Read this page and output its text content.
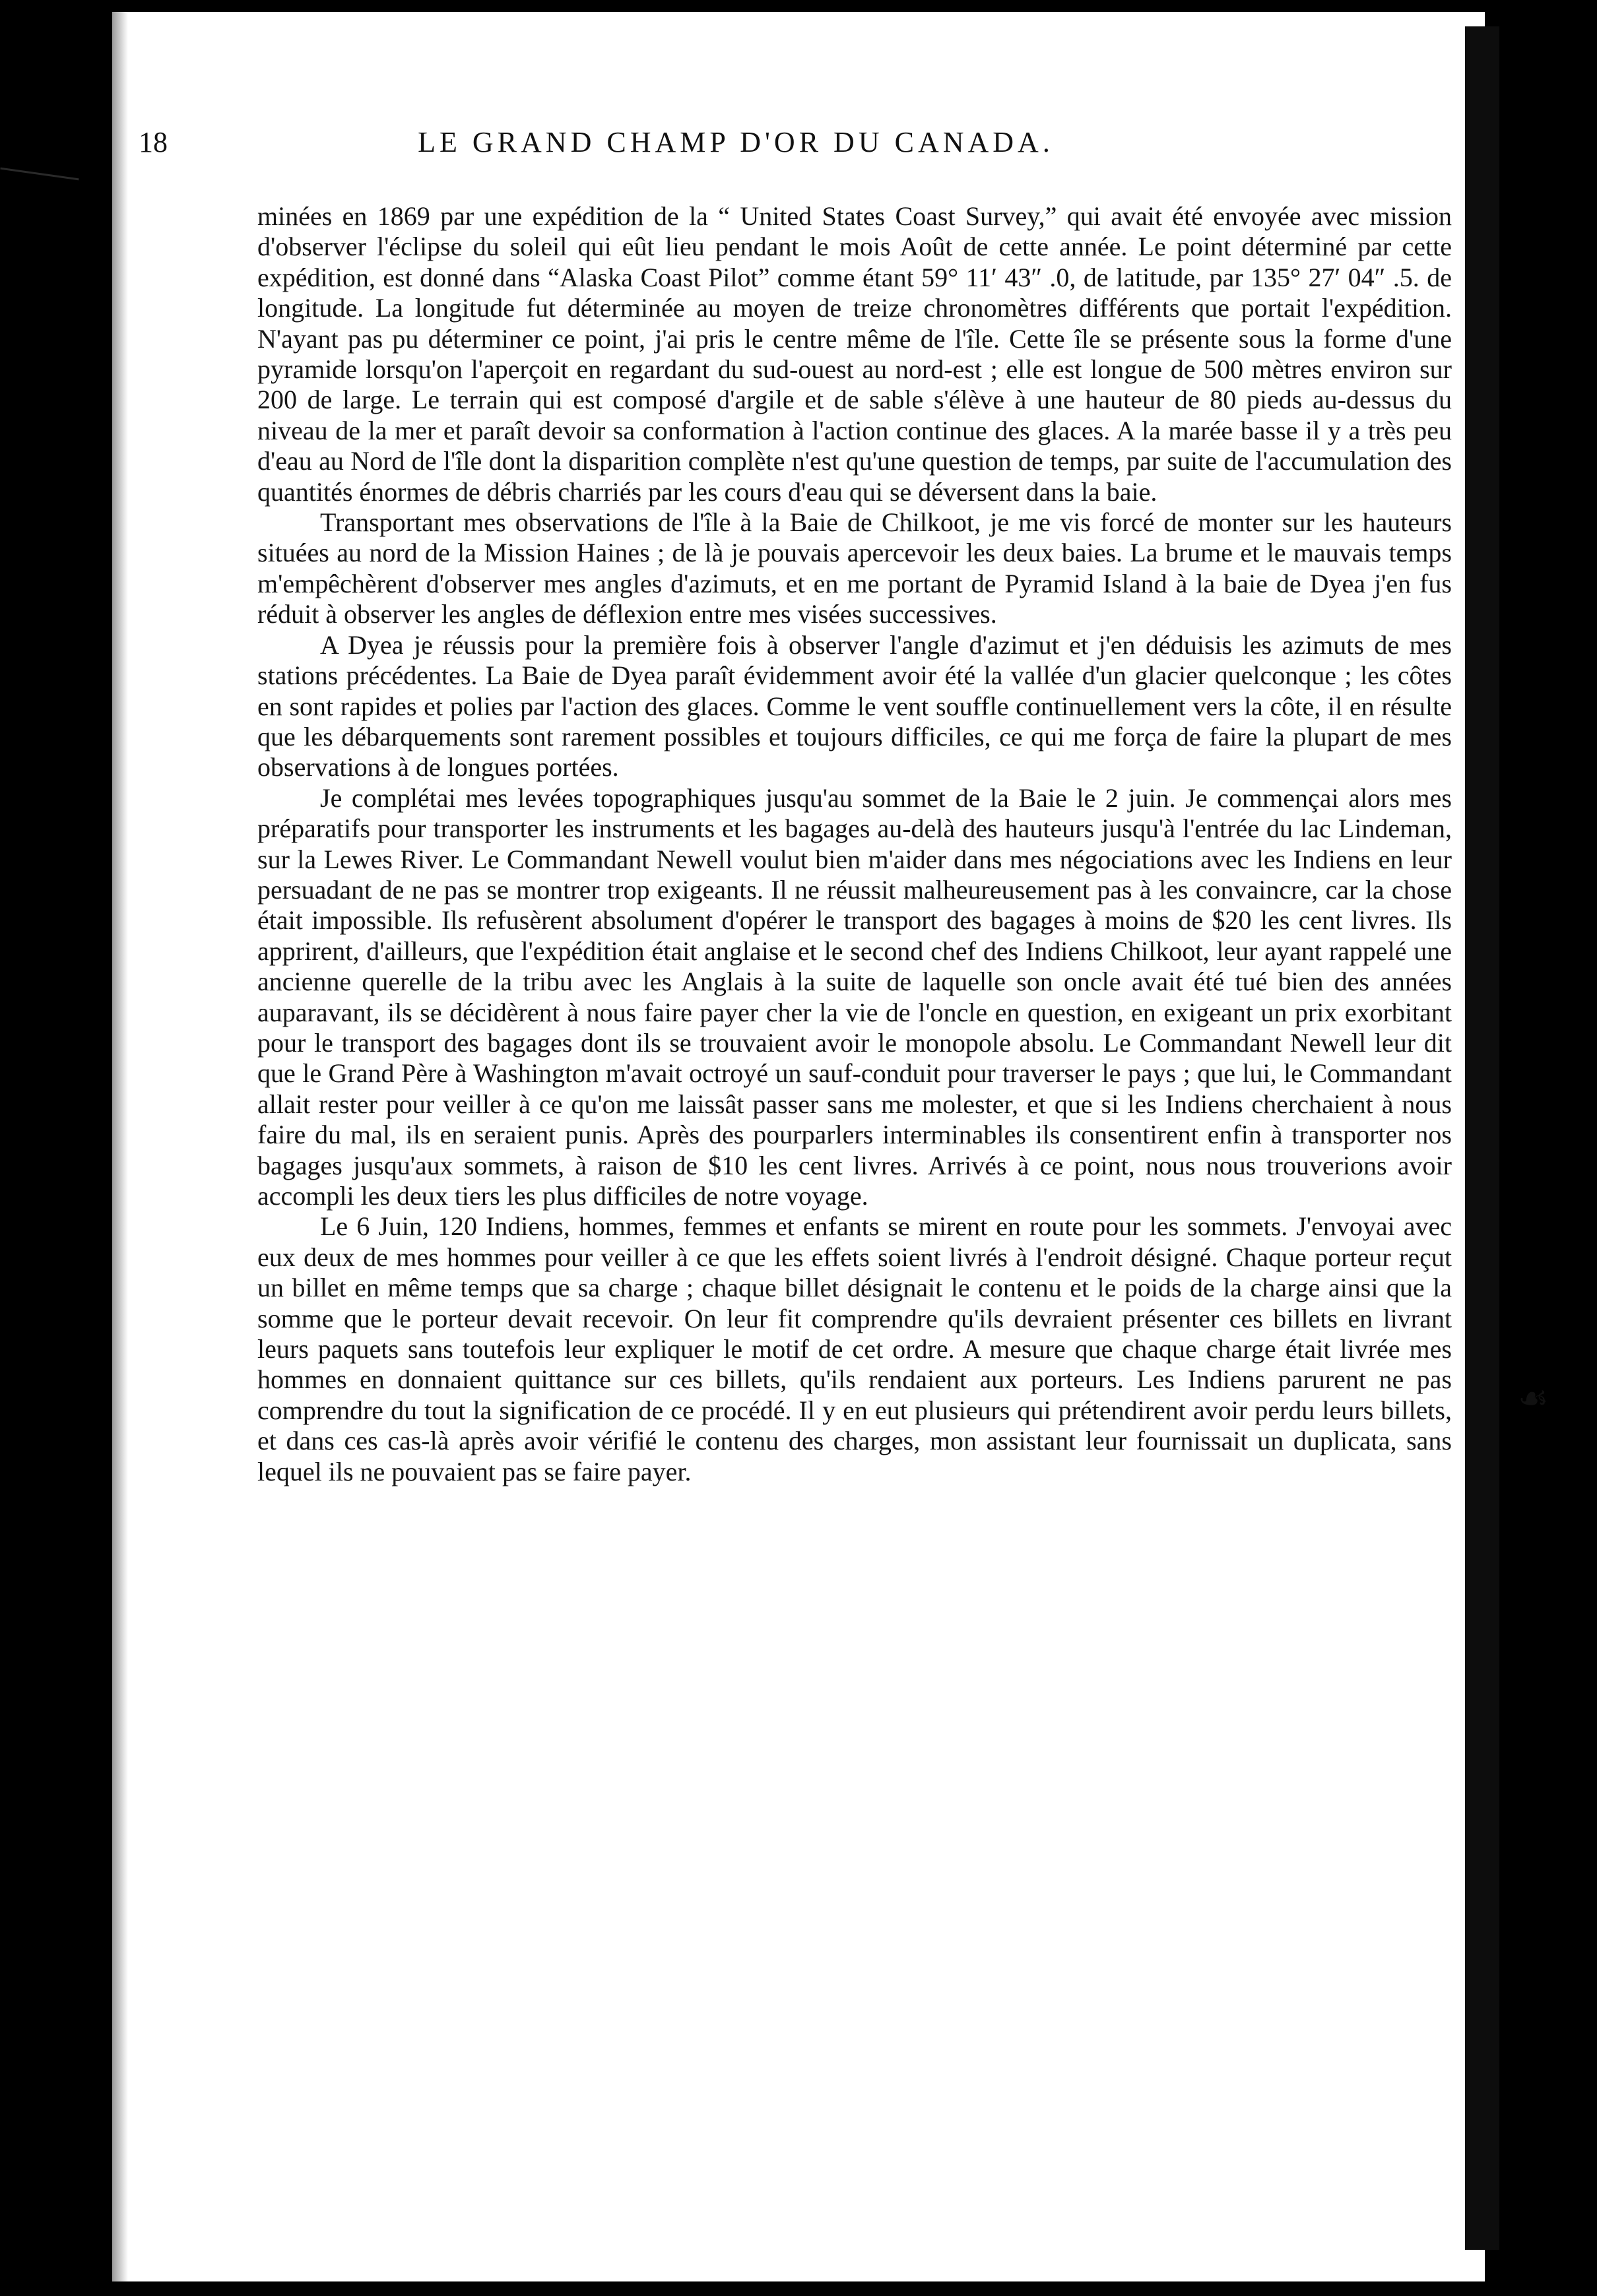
18	LE GRAND CHAMP D'OR DU CANADA.

minées en 1869 par une expédition de la “ United States Coast Survey,” qui avait été envoyée avec mission d'observer l'éclipse du soleil qui eût lieu pendant le mois Août de cette année. Le point déterminé par cette expédition, est donné dans “Alaska Coast Pilot” comme étant 59° 11′ 43″ .0, de latitude, par 135° 27′ 04″ .5. de longitude. La longitude fut déterminée au moyen de treize chronomètres différents que portait l'expédition. N'ayant pas pu déterminer ce point, j'ai pris le centre même de l'île. Cette île se présente sous la forme d'une pyramide lorsqu'on l'aperçoit en regardant du sud-ouest au nord-est ; elle est longue de 500 mètres environ sur 200 de large. Le terrain qui est composé d'argile et de sable s'élève à une hauteur de 80 pieds au-dessus du niveau de la mer et paraît devoir sa conformation à l'action continue des glaces. A la marée basse il y a très peu d'eau au Nord de l'île dont la disparition complète n'est qu'une question de temps, par suite de l'accumulation des quantités énormes de débris charriés par les cours d'eau qui se déversent dans la baie.

Transportant mes observations de l'île à la Baie de Chilkoot, je me vis forcé de monter sur les hauteurs situées au nord de la Mission Haines ; de là je pouvais apercevoir les deux baies. La brume et le mauvais temps m'empêchèrent d'observer mes angles d'azimuts, et en me portant de Pyramid Island à la baie de Dyea j'en fus réduit à observer les angles de déflexion entre mes visées successives.

A Dyea je réussis pour la première fois à observer l'angle d'azimut et j'en déduisis les azimuts de mes stations précédentes. La Baie de Dyea paraît évidemment avoir été la vallée d'un glacier quelconque ; les côtes en sont rapides et polies par l'action des glaces. Comme le vent souffle continuellement vers la côte, il en résulte que les débarquements sont rarement possibles et toujours difficiles, ce qui me força de faire la plupart de mes observations à de longues portées.

Je complétai mes levées topographiques jusqu'au sommet de la Baie le 2 juin. Je commençai alors mes préparatifs pour transporter les instruments et les bagages au-delà des hauteurs jusqu'à l'entrée du lac Lindeman, sur la Lewes River. Le Commandant Newell voulut bien m'aider dans mes négociations avec les Indiens en leur persuadant de ne pas se montrer trop exigeants. Il ne réussit malheureusement pas à les convaincre, car la chose était impossible. Ils refusèrent absolument d'opérer le transport des bagages à moins de $20 les cent livres. Ils apprirent, d'ailleurs, que l'expédition était anglaise et le second chef des Indiens Chilkoot, leur ayant rappelé une ancienne querelle de la tribu avec les Anglais à la suite de laquelle son oncle avait été tué bien des années auparavant, ils se décidèrent à nous faire payer cher la vie de l'oncle en question, en exigeant un prix exorbitant pour le transport des bagages dont ils se trouvaient avoir le monopole absolu. Le Commandant Newell leur dit que le Grand Père à Washington m'avait octroyé un sauf-conduit pour traverser le pays ; que lui, le Commandant allait rester pour veiller à ce qu'on me laissât passer sans me molester, et que si les Indiens cherchaient à nous faire du mal, ils en seraient punis. Après des pourparlers interminables ils consentirent enfin à transporter nos bagages jusqu'aux sommets, à raison de $10 les cent livres. Arrivés à ce point, nous nous trouverions avoir accompli les deux tiers les plus difficiles de notre voyage.

Le 6 Juin, 120 Indiens, hommes, femmes et enfants se mirent en route pour les sommets. J'envoyai avec eux deux de mes hommes pour veiller à ce que les effets soient livrés à l'endroit désigné. Chaque porteur reçut un billet en même temps que sa charge ; chaque billet désignait le contenu et le poids de la charge ainsi que la somme que le porteur devait recevoir. On leur fit comprendre qu'ils devraient présenter ces billets en livrant leurs paquets sans toutefois leur expliquer le motif de cet ordre. A mesure que chaque charge était livrée mes hommes en donnaient quittance sur ces billets, qu'ils rendaient aux porteurs. Les Indiens parurent ne pas comprendre du tout la signification de ce procédé. Il y en eut plusieurs qui prétendirent avoir perdu leurs billets, et dans ces cas-là après avoir vérifié le contenu des charges, mon assistant leur fournissait un duplicata, sans lequel ils ne pouvaient pas se faire payer.

☙
